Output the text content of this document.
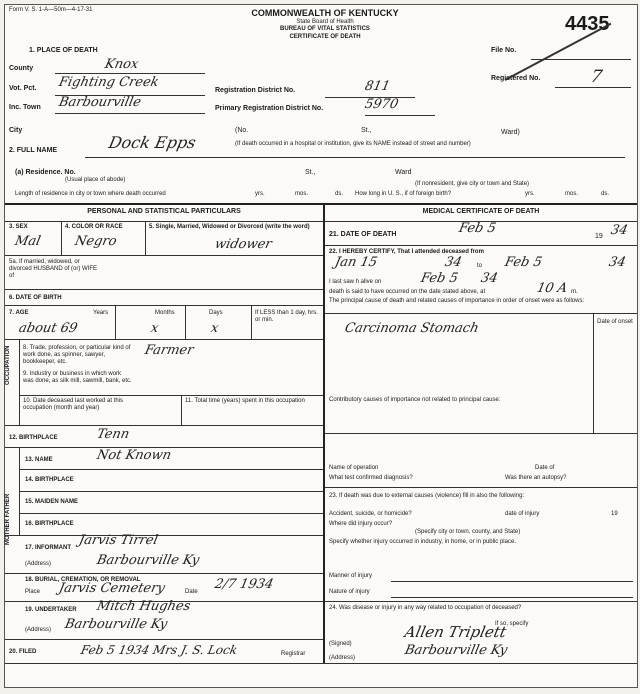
Form V. S. 1-A—50m—4-17-31	COMMONWEALTH OF KENTUCKY
State Board of Health
BUREAU OF VITAL STATISTICS
CERTIFICATE OF DEATH
4435
File No.
Registered No.	7
1. PLACE OF DEATH
County	Knox
Vot. Pct. Fighting Creek
Inc. Town Barbourville
Registration District No.	811
Primary Registration District No.	5970
City	(No.	St.,	Ward)
2. FULL NAME	Dock Epps	(If death occurred in a hospital or institution, give its NAME instead of street and number)
(a) Residence. No.
(Usual place of abode)
St.,	Ward
(If nonresident, give city or town and State)
Length of residence in city or town where death occurred	yrs.	mos.	ds. How long in U. S., if of foreign birth?	yrs.	mos.	ds.
PERSONAL AND STATISTICAL PARTICULARS
3. SEX
Mal
4. COLOR OR RACE
Negro
5. Single, Married, Widowed or Divorced (write the word)
widower
5a. If married, widowed, or divorced HUSBAND of (or) WIFE of
6. DATE OF BIRTH
7. AGE	Years	Months	Days	If LESS than 1 day, hrs. or min.
about 69	x	x
OCCUPATION 8. Trade, profession, or particular kind of work done, as spinner, sawyer, bookkeeper, etc.
Farmer
9. Industry or business in which work was done, as silk mill, sawmill, bank, etc.
10. Date deceased last worked at this occupation (month and year)
11. Total time (years) spent in this occupation
12. BIRTHPLACE	Tenn
MOTHER FATHER
13. NAME	Not Known
14. BIRTHPLACE
15. MAIDEN NAME
16. BIRTHPLACE
17. INFORMANT Jarvis Tirrel
(Address)	Barbourville Ky
18. BURIAL, CREMATION, OR REMOVAL
Place Jarvis Cemetery	Date 2/7 1934
19. UNDERTAKER Mitch Hughes
(Address) Barbourville Ky
20. FILED	Feb 5 1934 Mrs J. S. Lock	Registrar
MEDICAL CERTIFICATE OF DEATH
21. DATE OF DEATH	Feb 5
19 34
22. I HEREBY CERTIFY, That I attended deceased from
Jan 15	34 to Feb 5	34
I last saw h alive on	Feb 5 34
death is said to have occurred on the date stated above, at	10 A m.
The principal cause of death and related causes of importance in order of onset were as follows:
Date of onset
Carcinoma Stomach
Contributory causes of importance not related to principal cause:
Name of operation	Date of
What test confirmed diagnosis?	Was there an autopsy?
23. If death was due to external causes (violence) fill in also the following:
Accident, suicide, or homicide?	date of injury	19
Where did injury occur?
(Specify city or town, county, and State)
Specify whether injury occurred in industry, in home, or in public place.
Manner of injury
Nature of injury
24. Was disease or injury in any way related to occupation of deceased?
If so, specify
(Signed)
Allen Triplett
(Address)	Barbourville Ky
